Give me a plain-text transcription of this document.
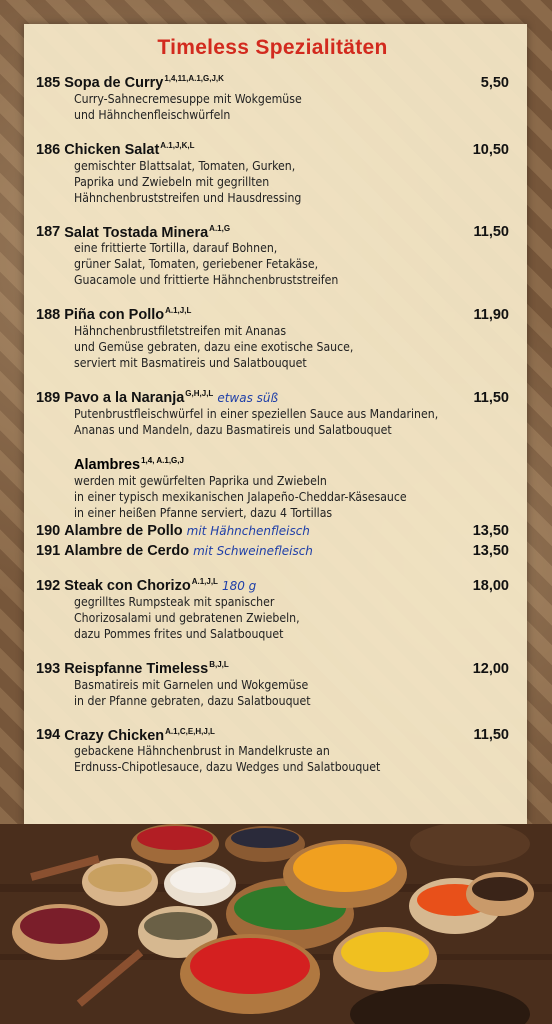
Timeless Spezialitäten
185 Sopa de Curry$^{1,4,11,A.1,G,J,K}$	5,50
Curry-Sahnecremesuppe mit Wokgemüse
und Hähnchenfleischwürfeln
186 Chicken Salat$^{A.1,J,K,L}$	10,50
gemischter Blattsalat, Tomaten, Gurken,
Paprika und Zwiebeln mit gegrillten
Hähnchenbruststreifen und Hausdressing
187 Salat Tostada Minera$^{A.1,G}$	11,50
eine frittierte Tortilla, darauf Bohnen,
grüner Salat, Tomaten, geriebener Fetakäse,
Guacamole und frittierte Hähnchenbruststreifen
188 Piña con Pollo$^{A.1,J,L}$	11,90
Hähnchenbrustfiletstreifen mit Ananas
und Gemüse gebraten, dazu eine exotische Sauce,
serviert mit Basmatireis und Salatbouquet
189 Pavo a la Naranja$^{G,H,J,L}$ etwas süß	11,50
Putenbrustfleischwürfel in einer speziellen Sauce aus Mandarinen,
Ananas und Mandeln, dazu Basmatireis und Salatbouquet
Alambres$^{1,4, A.1,G,J}$
werden mit gewürfelten Paprika und Zwiebeln
in einer typisch mexikanischen Jalapeño-Cheddar-Käsesauce
in einer heißen Pfanne serviert, dazu 4 Tortillas
190 Alambre de Pollo mit Hähnchenfleisch	13,50
191 Alambre de Cerdo mit Schweinefleisch	13,50
192 Steak con Chorizo$^{A.1,J,L}$ 180 g	18,00
gegrilltes Rumpsteak mit spanischer
Chorizosalami und gebratenen Zwiebeln,
dazu Pommes frites und Salatbouquet
193 Reispfanne Timeless$^{B,J,L}$	12,00
Basmatireis mit Garnelen und Wokgemüse
in der Pfanne gebraten, dazu Salatbouquet
194 Crazy Chicken$^{A.1,C,E,H,J,L}$	11,50
gebackene Hähnchenbrust in Mandelkruste an
Erdnuss-Chipotlesauce, dazu Wedges und Salatbouquet
